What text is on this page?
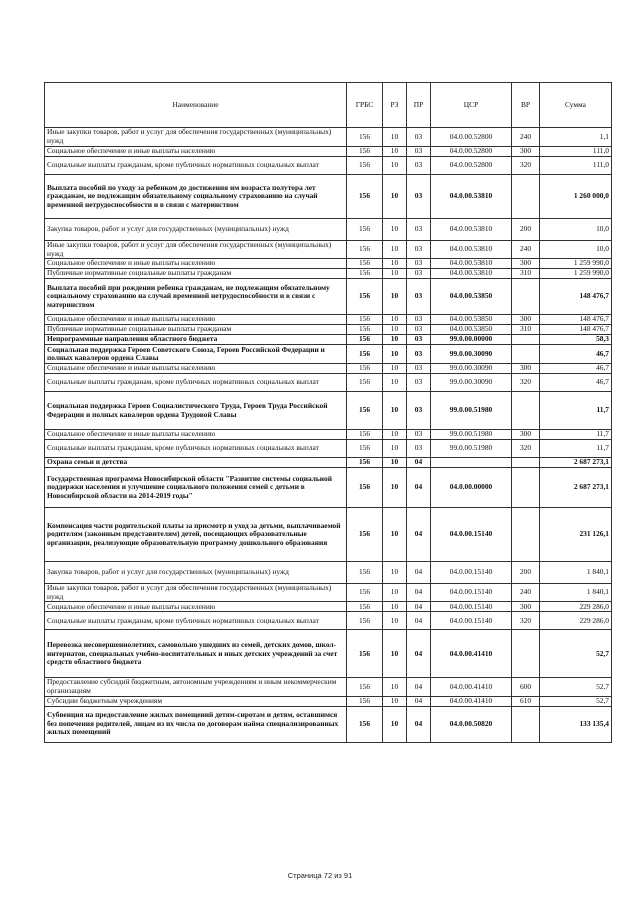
Наименование	ГРБС	РЗ	ПР	ЦСР	ВР	Сумма
Иные закупки товаров, работ и услуг для обеспечения государственных (муниципальных) нужд	156	10	03	04.0.00.52800	240	1,1
Социальное обеспечение и иные выплаты населению	156	10	03	04.0.00.52800	300	111,0
Социальные выплаты гражданам, кроме публичных нормативных социальных выплат	156	10	03	04.0.00.52800	320	111,0
Выплата пособий по уходу за ребенком до достижения им возраста полутора лет гражданам, не подлежащим обязательному социальному страхованию на случай временной нетрудоспособности и в связи с материнством	156	10	03	04.0.00.53810		1 260 000,0
Закупка товаров, работ и услуг для государственных (муниципальных) нужд	156	10	03	04.0.00.53810	200	10,0
Иные закупки товаров, работ и услуг для обеспечения государственных (муниципальных) нужд	156	10	03	04.0.00.53810	240	10,0
Социальное обеспечение и иные выплаты населению	156	10	03	04.0.00.53810	300	1 259 990,0
Публичные нормативные социальные выплаты гражданам	156	10	03	04.0.00.53810	310	1 259 990,0
Выплата пособий при рождении ребенка гражданам, не подлежащим обязательному социальному страхованию на случай временной нетрудоспособности и в связи с материнством	156	10	03	04.0.00.53850		148 476,7
Социальное обеспечение и иные выплаты населению	156	10	03	04.0.00.53850	300	148 476,7
Публичные нормативные социальные выплаты гражданам	156	10	03	04.0.00.53850	310	148 476,7
Непрограммные направления областного бюджета	156	10	03	99.0.00.00000		58,3
Социальная поддержка Героев Советского Союза, Героев Российской Федерации и полных кавалеров ордена Славы	156	10	03	99.0.00.30090		46,7
Социальное обеспечение и иные выплаты населению	156	10	03	99.0.00.30090	300	46,7
Социальные выплаты гражданам, кроме публичных нормативных социальных выплат	156	10	03	99.0.00.30090	320	46,7
Социальная поддержка Героев Социалистического Труда, Героев Труда Российской Федерации и полных кавалеров ордена Трудовой Славы	156	10	03	99.0.00.51980		11,7
Социальное обеспечение и иные выплаты населению	156	10	03	99.0.00.51980	300	11,7
Социальные выплаты гражданам, кроме публичных нормативных социальных выплат	156	10	03	99.0.00.51980	320	11,7
Охрана семьи и детства	156	10	04			2 687 273,1
Государственная программа Новосибирской области "Развитие системы социальной поддержки населения и улучшение социального положения семей с детьми в Новосибирской области на 2014-2019 годы"	156	10	04	04.0.00.00000		2 687 273,1
Компенсация части родительской платы за присмотр и уход за детьми, выплачиваемой родителям (законным представителям) детей, посещающих образовательные организации, реализующие образовательную программу дошкольного образования	156	10	04	04.0.00.15140		231 126,1
Закупка товаров, работ и услуг для государственных (муниципальных) нужд	156	10	04	04.0.00.15140	200	1 840,1
Иные закупки товаров, работ и услуг для обеспечения государственных (муниципальных) нужд	156	10	04	04.0.00.15140	240	1 840,1
Социальное обеспечение и иные выплаты населению	156	10	04	04.0.00.15140	300	229 286,0
Социальные выплаты гражданам, кроме публичных нормативных социальных выплат	156	10	04	04.0.00.15140	320	229 286,0
Перевозка несовершеннолетних, самовольно ушедших из семей, детских домов, школ-интернатов, специальных учебно-воспитательных и иных детских учреждений за счет средств областного бюджета	156	10	04	04.0.00.41410		52,7
Предоставление субсидий бюджетным, автономным учреждениям и иным некоммерческим организациям	156	10	04	04.0.00.41410	600	52,7
Субсидии бюджетным учреждениям	156	10	04	04.0.00.41410	610	52,7
Субвенция на предоставление жилых помещений детям-сиротам и детям, оставшимся без попечения родителей, лицам из их числа по договорам найма специализированных жилых помещений	156	10	04	04.0.00.50820		133 135,4
Страница 72 из 91
